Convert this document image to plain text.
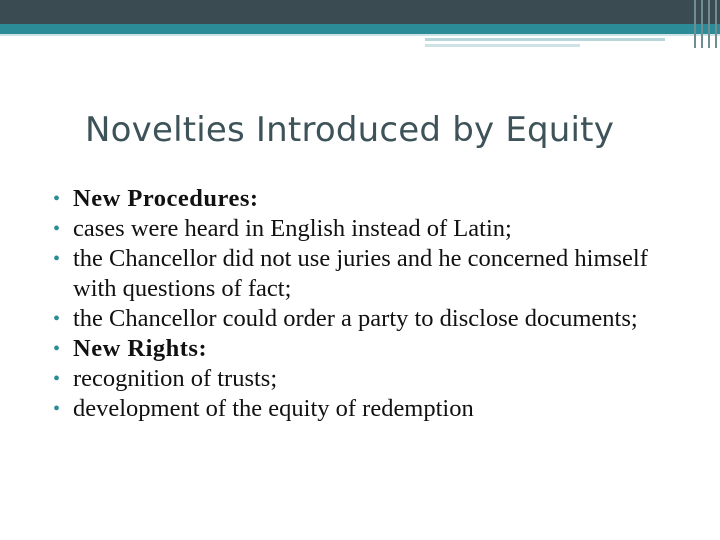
Novelties Introduced by Equity
• New Procedures:
• cases were heard in English instead of Latin;
• the Chancellor did not use juries and he concerned himself with questions of fact;
• the Chancellor could order a party to disclose documents;
• New Rights:
• recognition of trusts;
• development of the equity of redemption
